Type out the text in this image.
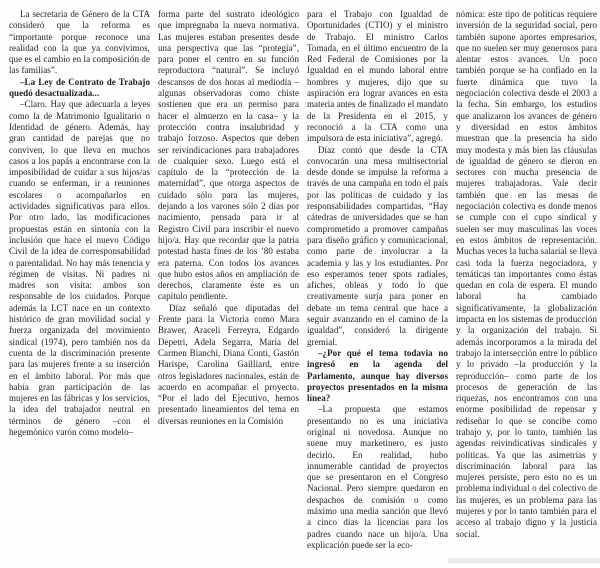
La secretaria de Género de la CTA consideró que la reforma es “importante porque reconoce una realidad con la que ya convivimos, que es el cambio en la composición de las familias”.

–La Ley de Contrato de Trabajo quedó desactualizada...

–Claro. Hay que adecuarla a leyes como la de Matrimonio Igualitario o Identidad de género. Además, hay gran cantidad de parejas que no conviven, lo que lleva en muchos casos a los papás a encontrarse con la imposibilidad de cuidar a sus hijos/as cuando se enferman, ir a reuniones escolares o acompañarlos en actividades significativas para ellos. Por otro lado, las modificaciones propuestas están en sintonía con la inclusión que hace el nuevo Código Civil de la idea de corresponsabilidad o parentalidad. No hay más tenencia y régimen de visitas. Ni padres ni madres son visita: ambos son responsable de los cuidados. Porque además la LCT nace en un contexto histórico de gran movilidad social y fuerza organizada del movimiento sindical (1974), pero también nos da cuenta de la discriminación presente para las mujeres frente a su inserción en el ámbito laboral. Por más que había gran participación de las mujeres en las fábricas y los servicios, la idea del trabajador neutral en términos de género –con el hegemónico varón como modelo–

forma parte del sustrato ideológico que impregnaba la nueva normativa. Las mujeres estaban presentes desde una perspectiva que las “protegía”, para poner el centro en su función reproductora “natural”. Se incluyó descansos de dos horas al mediodía –algunas observadoras como chiste sostienen que era un permiso para hacer el almuerzo en la casa– y la protección contra insalubridad y trabajo forzoso. Aspectos que deben ser reivindicaciones para trabajadores de cualquier sexo. Luego está el capítulo de la “protección de la maternidad”, que otorga aspectos de cuidado sólo para las mujeres, dejando a los varones sólo 2 días por nacimiento, pensada para ir al Registro Civil para inscribir el nuevo hijo/a. Hay que recordar que la patria potestad hasta fines de los ’80 estaba era paterna. Con todos los avances que hubo estos años en ampliación de derechos, claramente éste es un capítulo pendiente.

Díaz señaló que diputadas del Frente para la Victoria como Mara Brawer, Araceli Ferreyra, Edgardo Depetri, Adela Segarra, María del Carmen Bianchi, Diana Conti, Gastón Harispe, Carolina Gailliard, entre otros legisladores nacionales, están de acuerdo en acompañar el proyecto. “Por el lado del Ejecutivo, hemos presentado lineamientos del tema en diversas reuniones en la Comisión

para el Trabajo con Igualdad de Oportunidades (CTIO) y el ministro de Trabajo. El ministro Carlos Tomada, en el último encuentro de la Red Federal de Comisiones por la Igualdad en el mundo laboral entre hombres y mujeres, dijo que su aspiración era lograr avances en esta materia antes de finalizado el mandato de la Presidenta en el 2015, y reconoció a la CTA como una impulsora de esta iniciativa”, agregó.

Díaz contó que desde la CTA convocarán una mesa multisectorial desde donde se impulse la reforma a través de una campaña en todo el país por las políticas de cuidado y las responsabilidades compartidas. “Hay cátedras de universidades que se han comprometido a promover campañas para diseño gráfico y comunicacional, como parte de involucrar a la academia y las y los estudiantes. Por eso esperamos tener spots radiales, afiches, obleas y todo lo que creativamente surja para poner en debate un tema central que hace a seguir avanzando en el camino de la igualdad”, consideró la dirigente gremial.

–¿Por qué el tema todavia no ingresó en la agenda del Parlamento, aunque hay diversos proyectos presentados en la misma línea?

–La propuesta que estamos presentando no es una iniciativa original ni novedosa. Aunque no suene muy marketinero, es justo decirlo. En realidad, hubo innumerable cantidad de proyectos que se presentaron en el Congreso Nacional. Pero siempre quedaron en despachos de comisión o como máximo una media sanción que llevó a cinco días la licencias para los padres cuando nace un hijo/a. Una explicación puede ser la eco-

nómica: este tipo de políticas requiere inversión de la seguridad social, pero también supone aportes empresarios, que no suelen ser muy generosos para alentar estos avances. Un poco también porque se ha confiado en la fuerte dinámica que tuvo la negociación colectiva desde el 2003 a la fecha. Sin embargo, los estudios que analizaron los avances de género y diversidad en estos ámbitos muestran que la presencia ha sido muy modesta y más bien las cláusulas de igualdad de género se dieron en sectores con mucha presencia de mujeres trabajadoras. Vale decir también que en las mesas de negociación colectiva es donde menos se cumple con el cupo sindical y suelen ser muy masculinas las voces en estos ámbitos de representación. Muchas veces la lucha salarial se lleva casi toda la fuerza negociadora, y temáticas tan importantes como éstas quedan en cola de espera. El mundo laboral ha cambiado significativamente, la globalización impacta en los sistemas de producción y la organización del trabajo. Si además incorporamos a la mirada del trabajo la intersección entre lo público y lo privado –la producción y la reproducción– como parte de los procesos de generación de las riquezas, nos encontramos con una enorme posibilidad de repensar y rediseñar lo que se concibe como trabajo y, por lo tanto, también las agendas reivindicativas sindicales y políticas. Ya que las asimetrías y discriminación laboral para las mujeres persiste, pero esto no es un problema individual o del colectivo de las mujeres, es un problema para las mujeres y por lo tanto también para el acceso al trabajo digno y la justicia social.
